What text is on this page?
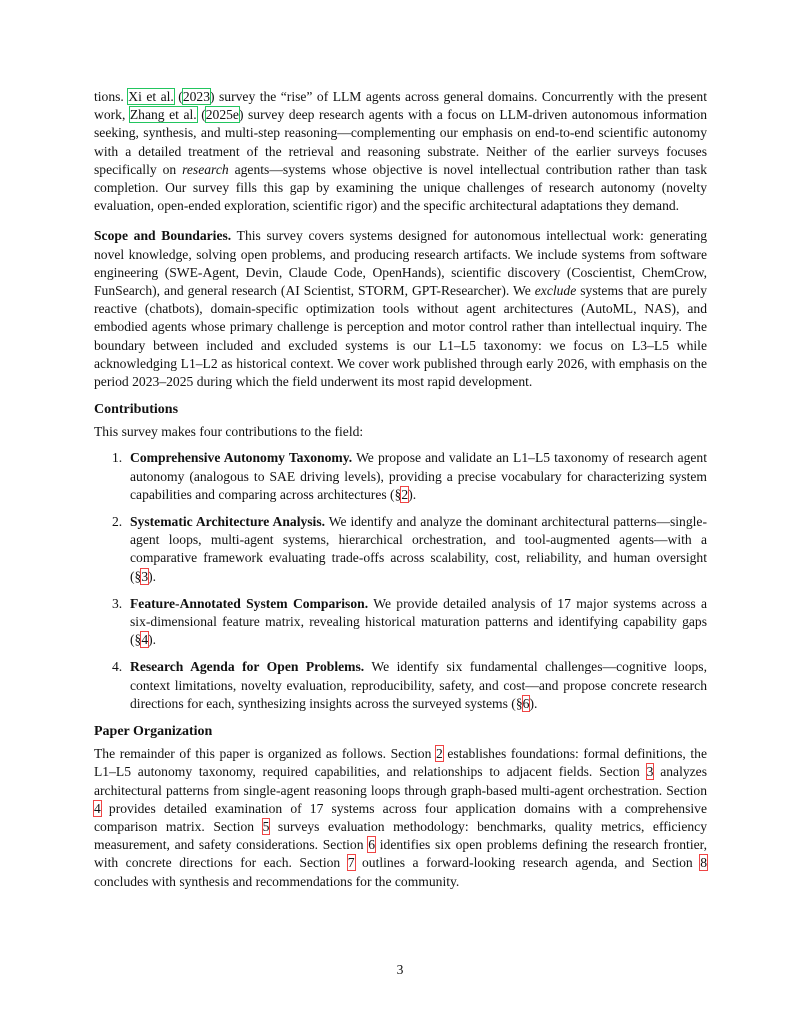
tions. Xi et al. (2023) survey the “rise” of LLM agents across general domains. Concurrently with the present work, Zhang et al. (2025e) survey deep research agents with a focus on LLM-driven autonomous information seeking, synthesis, and multi-step reasoning—complementing our emphasis on end-to-end scientific autonomy with a detailed treatment of the retrieval and reasoning substrate. Neither of the earlier surveys focuses specifically on research agents—systems whose objective is novel intellectual contribution rather than task completion. Our survey fills this gap by examining the unique challenges of research autonomy (novelty evaluation, open-ended exploration, scientific rigor) and the specific architectural adaptations they demand.

Scope and Boundaries. This survey covers systems designed for autonomous intellectual work: generating novel knowledge, solving open problems, and producing research artifacts. We include systems from software engineering (SWE-Agent, Devin, Claude Code, OpenHands), scientific discovery (Coscientist, ChemCrow, FunSearch), and general research (AI Scientist, STORM, GPT-Researcher). We exclude systems that are purely reactive (chatbots), domain-specific optimization tools without agent architectures (AutoML, NAS), and embodied agents whose primary challenge is perception and motor control rather than intellectual inquiry. The boundary between included and excluded systems is our L1–L5 taxonomy: we focus on L3–L5 while acknowledging L1–L2 as historical context. We cover work published through early 2026, with emphasis on the period 2023–2025 during which the field underwent its most rapid development.

Contributions

This survey makes four contributions to the field:

1. Comprehensive Autonomy Taxonomy. We propose and validate an L1–L5 taxonomy of research agent autonomy (analogous to SAE driving levels), providing a precise vocabulary for characterizing system capabilities and comparing across architectures (§2).
2. Systematic Architecture Analysis. We identify and analyze the dominant architectural patterns—single-agent loops, multi-agent systems, hierarchical orchestration, and tool-augmented agents—with a comparative framework evaluating trade-offs across scalability, cost, reliability, and human oversight (§3).
3. Feature-Annotated System Comparison. We provide detailed analysis of 17 major systems across a six-dimensional feature matrix, revealing historical maturation patterns and identifying capability gaps (§4).
4. Research Agenda for Open Problems. We identify six fundamental challenges—cognitive loops, context limitations, novelty evaluation, reproducibility, safety, and cost—and propose concrete research directions for each, synthesizing insights across the surveyed systems (§6).
Paper Organization

The remainder of this paper is organized as follows. Section 2 establishes foundations: formal definitions, the L1–L5 autonomy taxonomy, required capabilities, and relationships to adjacent fields. Section 3 analyzes architectural patterns from single-agent reasoning loops through graph-based multi-agent orchestration. Section 4 provides detailed examination of 17 systems across four application domains with a comprehensive comparison matrix. Section 5 surveys evaluation methodology: benchmarks, quality metrics, efficiency measurement, and safety considerations. Section 6 identifies six open problems defining the research frontier, with concrete directions for each. Section 7 outlines a forward-looking research agenda, and Section 8 concludes with synthesis and recommendations for the community.

3
